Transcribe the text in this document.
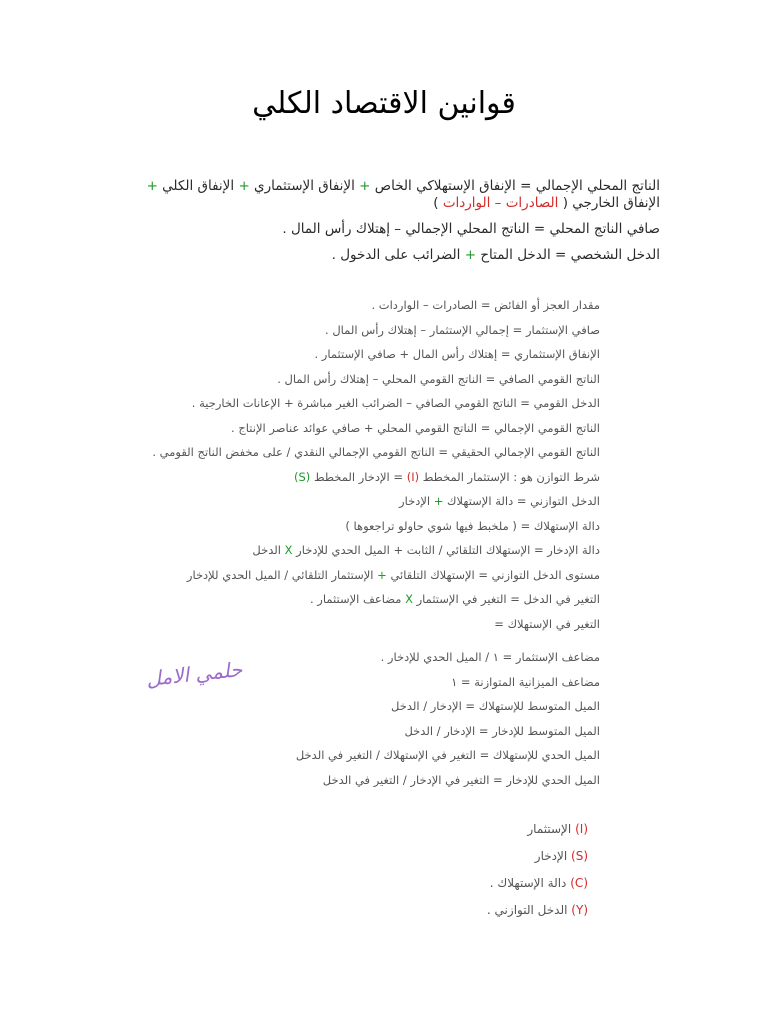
قوانين الاقتصاد الكلي
الناتج المحلي الإجمالي = الإنفاق الإستهلاكي الخاص + الإنفاق الإستثماري + الإنفاق الكلي +
الإنفاق الخارجي ( الصادرات – الواردات )
صافي الناتج المحلي = الناتج المحلي الإجمالي – إهتلاك رأس المال .
الدخل الشخصي = الدخل المتاح + الضرائب على الدخول .
مقدار العجز أو الفائض = الصادرات – الواردات .
صافي الإستثمار = إجمالي الإستثمار – إهتلاك رأس المال .
الإنفاق الإستثماري = إهتلاك رأس المال + صافي الإستثمار .
الناتج القومي الصافي = الناتج القومي المحلي – إهتلاك رأس المال .
الدخل القومي = الناتج القومي الصافي – الضرائب الغير مباشرة + الإعانات الخارجية .
الناتج القومي الإجمالي = الناتج القومي المحلي + صافي عوائد عناصر الإنتاج .
الناتج القومي الإجمالي الحقيقي = الناتج القومي الإجمالي النقدي / على مخفض الناتج القومي .
شرط التوازن هو : الإستثمار المخطط (I) = الإدخار المخطط (S)
الدخل التوازني = دالة الإستهلاك + الإدخار
دالة الإستهلاك = ( ملخبط فيها شوي حاولو تراجعوها )
دالة الإدخار = الإستهلاك التلقائي / الثابت + الميل الحدي للإدخار X الدخل
مستوى الدخل التوازني = الإستهلاك التلقائي + الإستثمار التلقائي / الميل الحدي للإدخار
التغير في الدخل = التغير في الإستثمار X مضاعف الإستثمار .
التغير في الإستهلاك =
مضاعف الإستثمار = ١ / الميل الحدي للإدخار .
مضاعف الميزانية المتوازنة = ١
الميل المتوسط للإستهلاك = الإدخار / الدخل
الميل المتوسط للإدخار = الإدخار / الدخل
الميل الحدي للإستهلاك = التغير في الإستهلاك / التغير في الدخل
الميل الحدي للإدخار = التغير في الإدخار / التغير في الدخل
حلمي الامل
(I) الإستثمار
(S) الإدخار
(C) دالة الإستهلاك .
(Y) الدخل التوازني .
